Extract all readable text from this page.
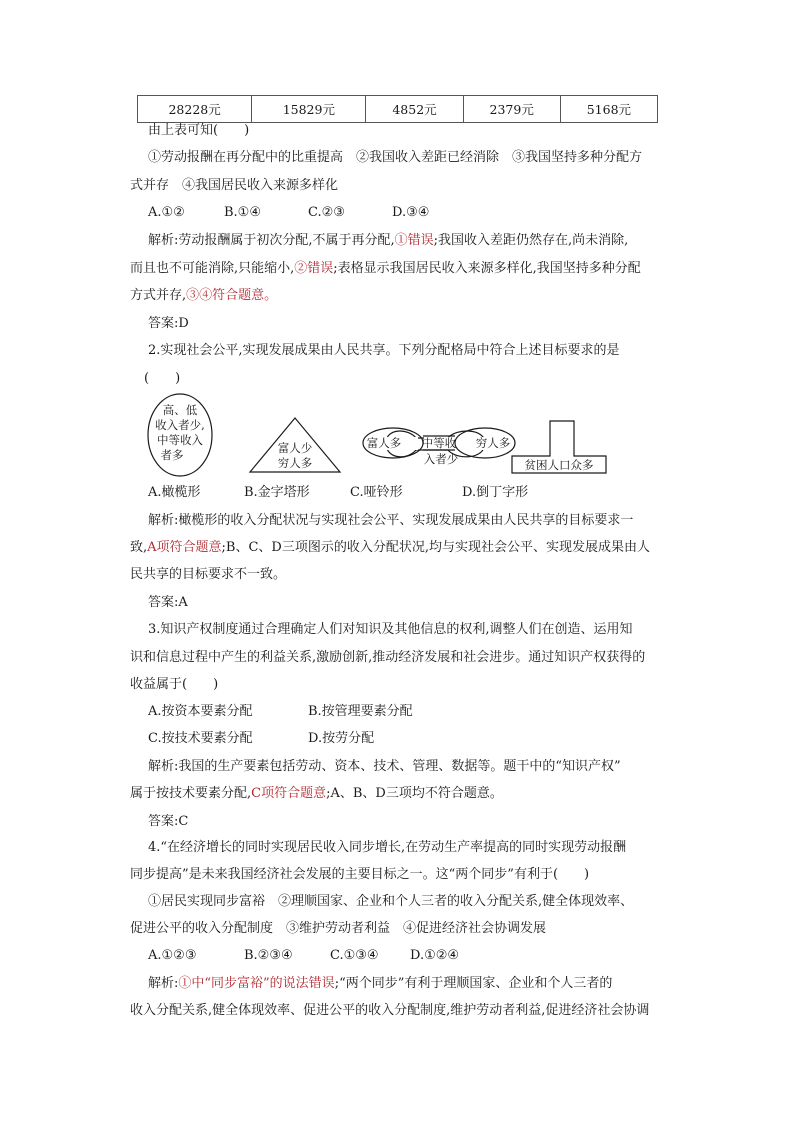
28228元	15829元	4852元	2379元	5168元
由上表可知(　　)
①劳动报酬在再分配中的比重提高　②我国收入差距已经消除　③我国坚持多种分配方
式并存　④我国居民收入来源多样化
A.①②	B.①④	C.②③	D.③④
解析:劳动报酬属于初次分配,不属于再分配,①错误;我国收入差距仍然存在,尚未消除,
而且也不可能消除,只能缩小,②错误;表格显示我国居民收入来源多样化,我国坚持多种分配
方式并存,③④符合题意。
答案:D
2.实现社会公平,实现发展成果由人民共享。下列分配格局中符合上述目标要求的是
(　　)
高、低
收入者少,
中等收入
者多	富人少
穷人多
富人多 中等收 穷人多
入者少	贫困人口众多
A.橄榄形	B.金字塔形	C.哑铃形	D.倒丁字形
解析:橄榄形的收入分配状况与实现社会公平、实现发展成果由人民共享的目标要求一
致,A项符合题意;B、C、D三项图示的收入分配状况,均与实现社会公平、实现发展成果由人
民共享的目标要求不一致。
答案:A
3.知识产权制度通过合理确定人们对知识及其他信息的权利,调整人们在创造、运用知
识和信息过程中产生的利益关系,激励创新,推动经济发展和社会进步。通过知识产权获得的
收益属于(　　)
A.按资本要素分配	B.按管理要素分配
C.按技术要素分配	D.按劳分配
解析:我国的生产要素包括劳动、资本、技术、管理、数据等。题干中的“知识产权”
属于按技术要素分配,C项符合题意;A、B、D三项均不符合题意。
答案:C
4.“在经济增长的同时实现居民收入同步增长,在劳动生产率提高的同时实现劳动报酬
同步提高”是未来我国经济社会发展的主要目标之一。这“两个同步”有利于(　　)
①居民实现同步富裕　②理顺国家、企业和个人三者的收入分配关系,健全体现效率、
促进公平的收入分配制度　③维护劳动者利益　④促进经济社会协调发展
A.①②③	B.②③④	C.①③④ D.①②④
解析:①中“同步富裕”的说法错误;“两个同步”有利于理顺国家、企业和个人三者的
收入分配关系,健全体现效率、促进公平的收入分配制度,维护劳动者利益,促进经济社会协调
